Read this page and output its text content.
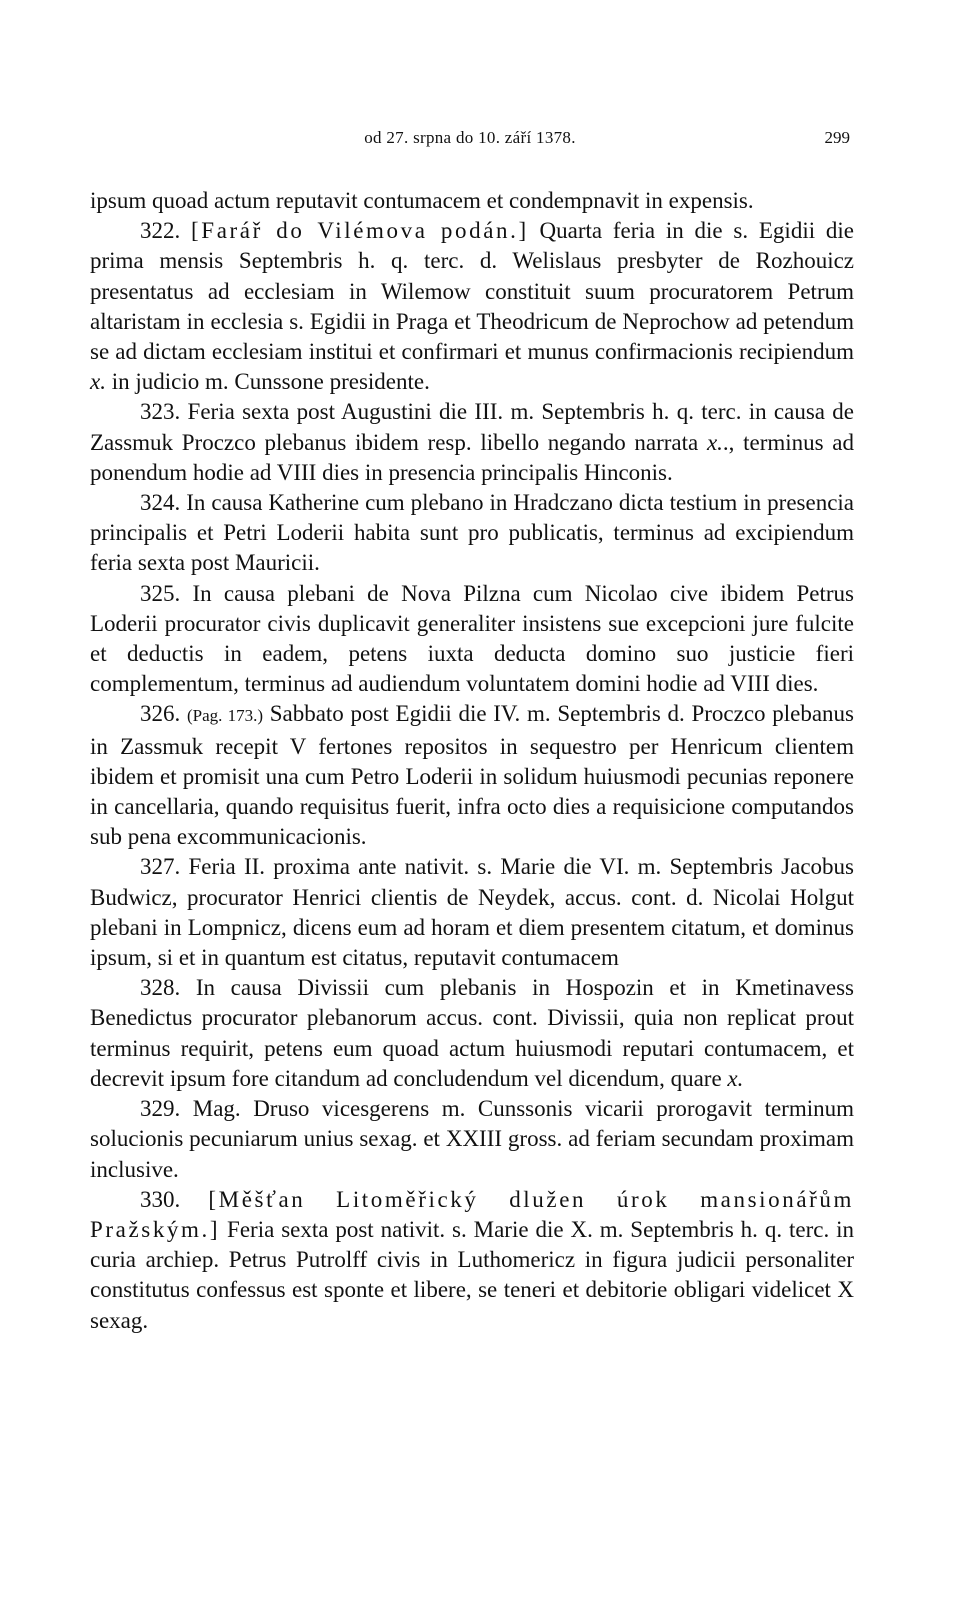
od 27. srpna do 10. září 1378.	299

ipsum quoad actum reputavit contumacem et condempnavit in expensis.

322. [Farář do Vilémova podán.] Quarta feria in die s. Egidii die prima mensis Septembris h. q. terc. d. Welislaus presbyter de Rozhouicz presentatus ad ecclesiam in Wilemow constituit suum procuratorem Petrum altaristam in ecclesia s. Egidii in Praga et Theodricum de Neprochow ad petendum se ad dictam ecclesiam institui et confirmari et munus confirmacionis recipiendum x. in judicio m. Cunssone presidente.

323. Feria sexta post Augustini die III. m. Septembris h. q. terc. in causa de Zassmuk Proczco plebanus ibidem resp. libello negando narrata x.., terminus ad ponendum hodie ad VIII dies in presencia principalis Hinconis.

324. In causa Katherine cum plebano in Hradczano dicta testium in presencia principalis et Petri Loderii habita sunt pro publicatis, terminus ad excipiendum feria sexta post Mauricii.

325. In causa plebani de Nova Pilzna cum Nicolao cive ibidem Petrus Loderii procurator civis duplicavit generaliter insistens sue excepcioni jure fulcite et deductis in eadem, petens iuxta deducta domino suo justicie fieri complementum, terminus ad audiendum voluntatem domini hodie ad VIII dies.

326. (Pag. 173.) Sabbato post Egidii die IV. m. Septembris d. Proczco plebanus in Zassmuk recepit V fertones repositos in sequestro per Henricum clientem ibidem et promisit una cum Petro Loderii in solidum huiusmodi pecunias reponere in cancellaria, quando requisitus fuerit, infra octo dies a requisicione computandos sub pena excommunicacionis.

327. Feria II. proxima ante nativit. s. Marie die VI. m. Septembris Jacobus Budwicz, procurator Henrici clientis de Neydek, accus. cont. d. Nicolai Holgut plebani in Lompnicz, dicens eum ad horam et diem presentem citatum, et dominus ipsum, si et in quantum est citatus, reputavit contumacem

328. In causa Divissii cum plebanis in Hospozin et in Kmetinavess Benedictus procurator plebanorum accus. cont. Divissii, quia non replicat prout terminus requirit, petens eum quoad actum huiusmodi reputari contumacem, et decrevit ipsum fore citandum ad concludendum vel dicendum, quare x.

329. Mag. Druso vicesgerens m. Cunssonis vicarii prorogavit terminum solucionis pecuniarum unius sexag. et XXIII gross. ad feriam secundam proximam inclusive.

330. [Měšťan Litoměřický dlužen úrok mansionářům Pražským.] Feria sexta post nativit. s. Marie die X. m. Septembris h. q. terc. in curia archiep. Petrus Putrolff civis in Luthomericz in figura judicii personaliter constitutus confessus est sponte et libere, se teneri et debitorie obligari videlicet X sexag.
